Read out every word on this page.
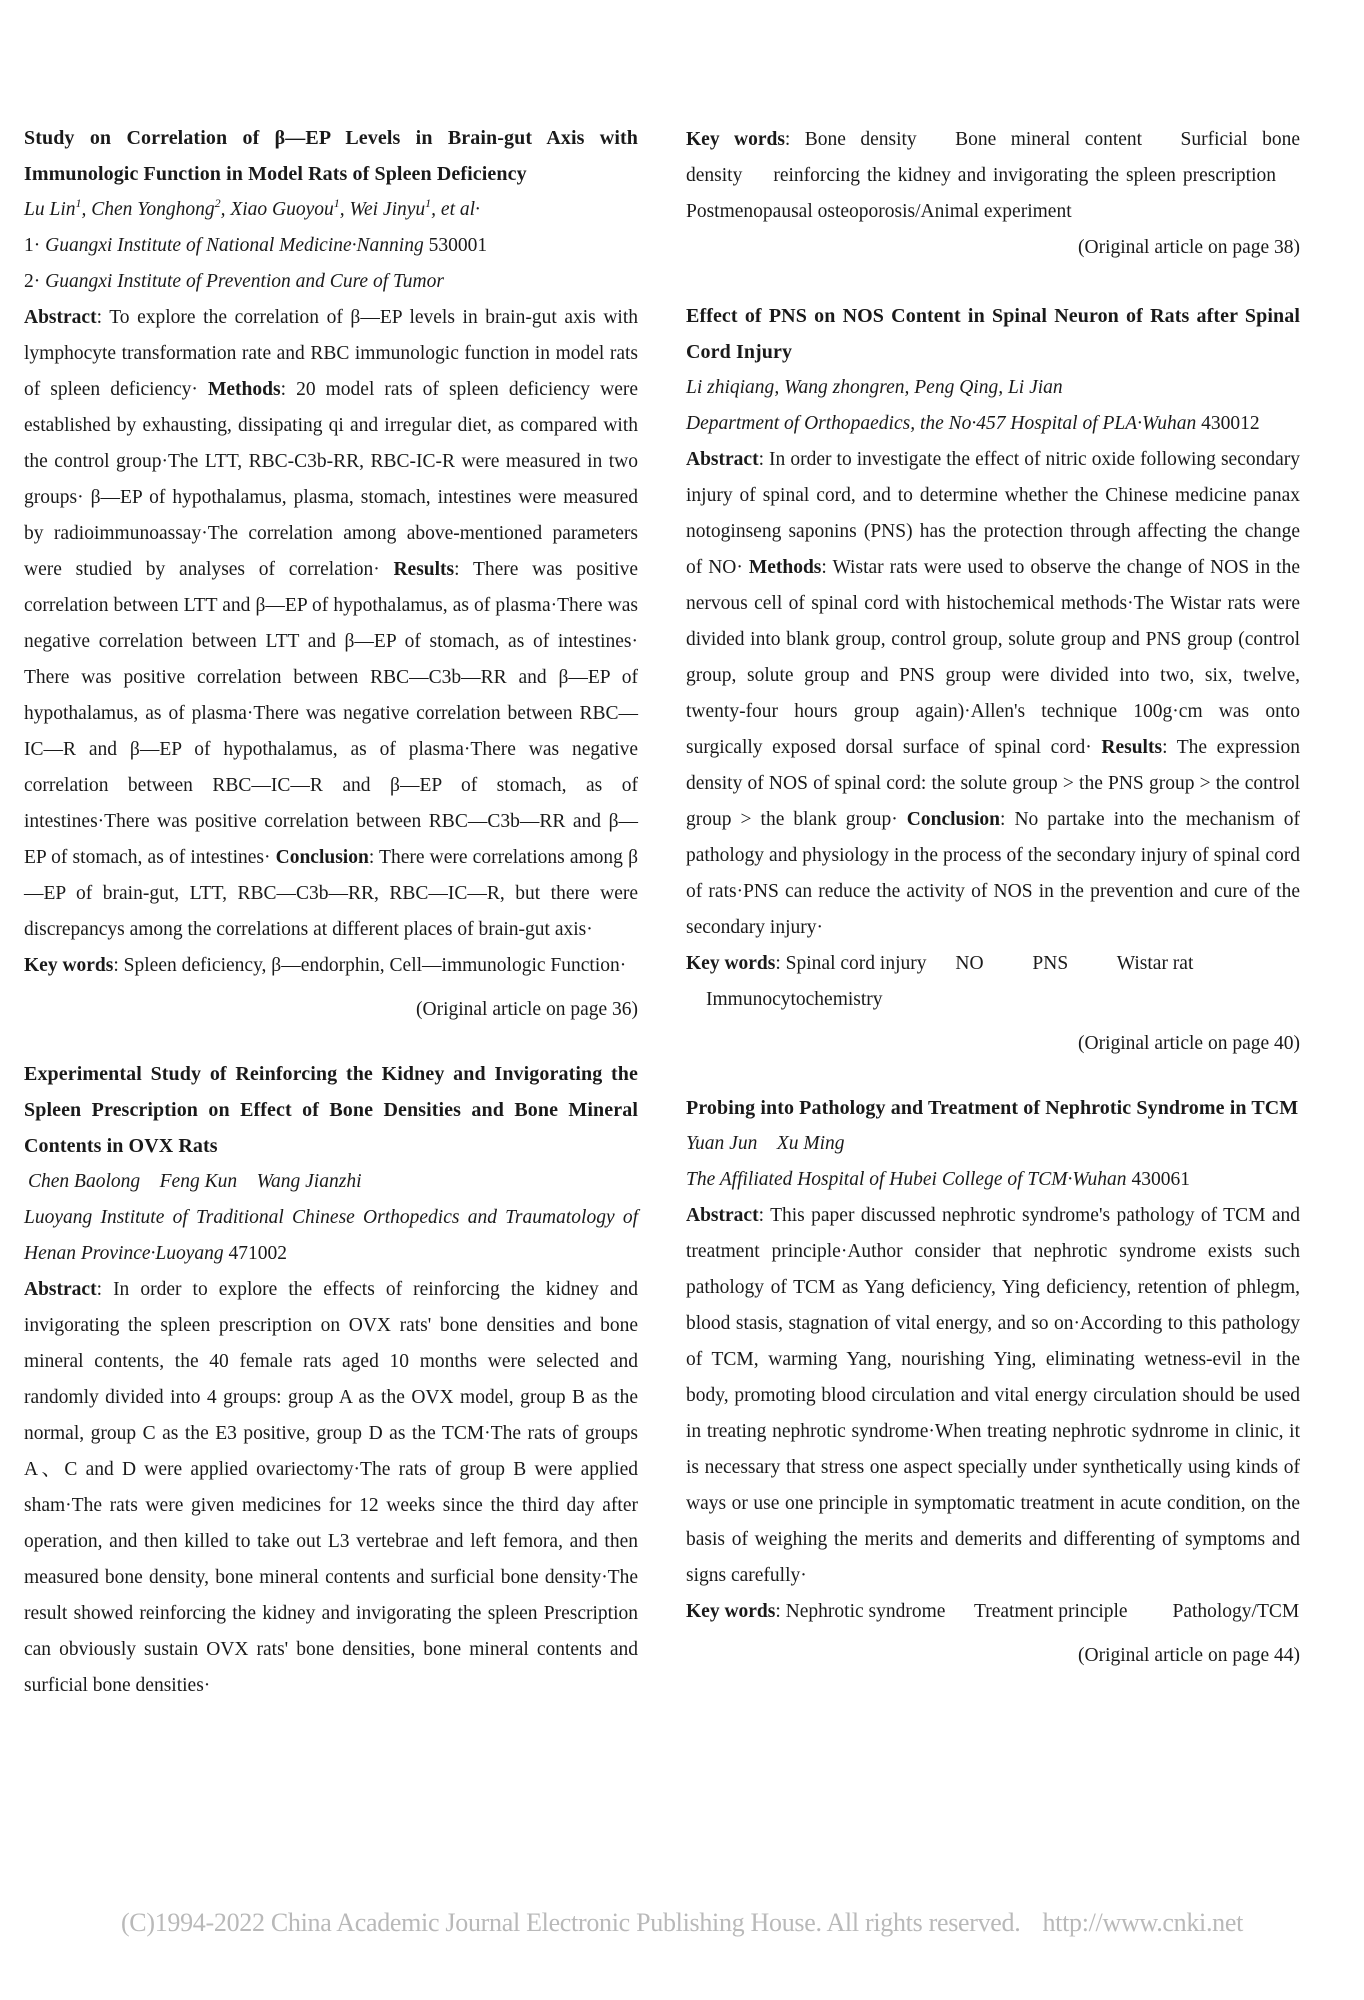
Study on Correlation of β—EP Levels in Brain‐gut Axis with Immunologic Function in Model Rats of Spleen Deficiency

Lu Lin$^1$, Chen Yonghong$^2$, Xiao Guoyou$^1$, Wei Jinyu$^1$, et al·

1· Guangxi Institute of National Medicine·Nanning 530001

2· Guangxi Institute of Prevention and Cure of Tumor

Abstract: To explore the correlation of β—EP levels in brain‐gut axis with lymphocyte transformation rate and RBC immunologic function in model rats of spleen deficiency· Methods: 20 model rats of spleen deficiency were established by exhausting, dissipating qi and irregular diet, as compared with the control group·The LTT, RBC‐C3b‐RR, RBC‐IC‐R were measured in two groups· β—EP of hypothalamus, plasma, stomach, intestines were measured by radioimmunoassay·The correlation among above‐mentioned parameters were studied by analyses of correlation· Results: There was positive correlation between LTT and β—EP of hypothalamus, as of plasma·There was negative correlation between LTT and β—EP of stomach, as of intestines· There was positive correlation between RBC—C3b—RR and β—EP of hypothalamus, as of plasma·There was negative correlation between RBC—IC—R and β—EP of hypothalamus, as of plasma·There was negative correlation between RBC—IC—R and β—EP of stomach, as of intestines·There was positive correlation between RBC—C3b—RR and β—EP of stomach, as of intestines· Conclusion: There were correlations among β—EP of brain‐gut, LTT, RBC—C3b—RR, RBC—IC—R, but there were discrepancys among the correlations at different places of brain‐gut axis·

Key words: Spleen deficiency, β—endorphin, Cell—immunologic Function·

(Original article on page 36)

Experimental Study of Reinforcing the Kidney and Invigorating the Spleen Prescription on Effect of Bone Densities and Bone Mineral Contents in OVX Rats

Chen Baolong Feng Kun Wang Jianzhi

Luoyang Institute of Traditional Chinese Orthopedics and Traumatology of Henan Province·Luoyang 471002

Abstract: In order to explore the effects of reinforcing the kidney and invigorating the spleen prescription on OVX rats' bone densities and bone mineral contents, the 40 female rats aged 10 months were selected and randomly divided into 4 groups: group A as the OVX model, group B as the normal, group C as the E3 positive, group D as the TCM·The rats of groups A、C and D were applied ovariectomy·The rats of group B were applied sham·The rats were given medicines for 12 weeks since the third day after operation, and then killed to take out L3 vertebrae and left femora, and then measured bone density, bone mineral contents and surficial bone density·The result showed reinforcing the kidney and invigorating the spleen Prescription can obviously sustain OVX rats' bone densities, bone mineral contents and surficial bone densities·

Key words: Bone density Bone mineral content Surficial bone density reinforcing the kidney and invigorating the spleen prescription Postmenopausal osteoporosis/Animal experiment

(Original article on page 38)

Effect of PNS on NOS Content in Spinal Neuron of Rats after Spinal Cord Injury

Li zhiqiang, Wang zhongren, Peng Qing, Li Jian

Department of Orthopaedics, the No·457 Hospital of PLA·Wuhan 430012

Abstract: In order to investigate the effect of nitric oxide following secondary injury of spinal cord, and to determine whether the Chinese medicine panax notoginseng saponins (PNS) has the protection through affecting the change of NO· Methods: Wistar rats were used to observe the change of NOS in the nervous cell of spinal cord with histochemical methods·The Wistar rats were divided into blank group, control group, solute group and PNS group (control group, solute group and PNS group were divided into two, six, twelve, twenty‐four hours group again)·Allen's technique 100g·cm was onto surgically exposed dorsal surface of spinal cord· Results: The expression density of NOS of spinal cord: the solute group > the PNS group > the control group > the blank group· Conclusion: No partake into the mechanism of pathology and physiology in the process of the secondary injury of spinal cord of rats·PNS can reduce the activity of NOS in the prevention and cure of the secondary injury·

Key words: Spinal cord injury NO	PNS Wistar rat
Immunocytochemistry

(Original article on page 40)

Probing into Pathology and Treatment of Nephrotic Syndrome in TCM

Yuan Jun Xu Ming

The Affiliated Hospital of Hubei College of TCM·Wuhan 430061

Abstract: This paper discussed nephrotic syndrome's pathology of TCM and treatment principle·Author consider that nephrotic syndrome exists such pathology of TCM as Yang deficiency, Ying deficiency, retention of phlegm, blood stasis, stagnation of vital energy, and so on·According to this pathology of TCM, warming Yang, nourishing Ying, eliminating wetness‐evil in the body, promoting blood circulation and vital energy circulation should be used in treating nephrotic syndrome·When treating nephrotic sydnrome in clinic, it is necessary that stress one aspect specially under synthetically using kinds of ways or use one principle in symptomatic treatment in acute condition, on the basis of weighing the merits and demerits and differenting of symptoms and signs carefully·

Key words: Nephrotic syndrome Treatment principle Pathology/TCM

(Original article on page 44)

(C)1994-2022 China Academic Journal Electronic Publishing House. All rights reserved. http://www.cnki.net
